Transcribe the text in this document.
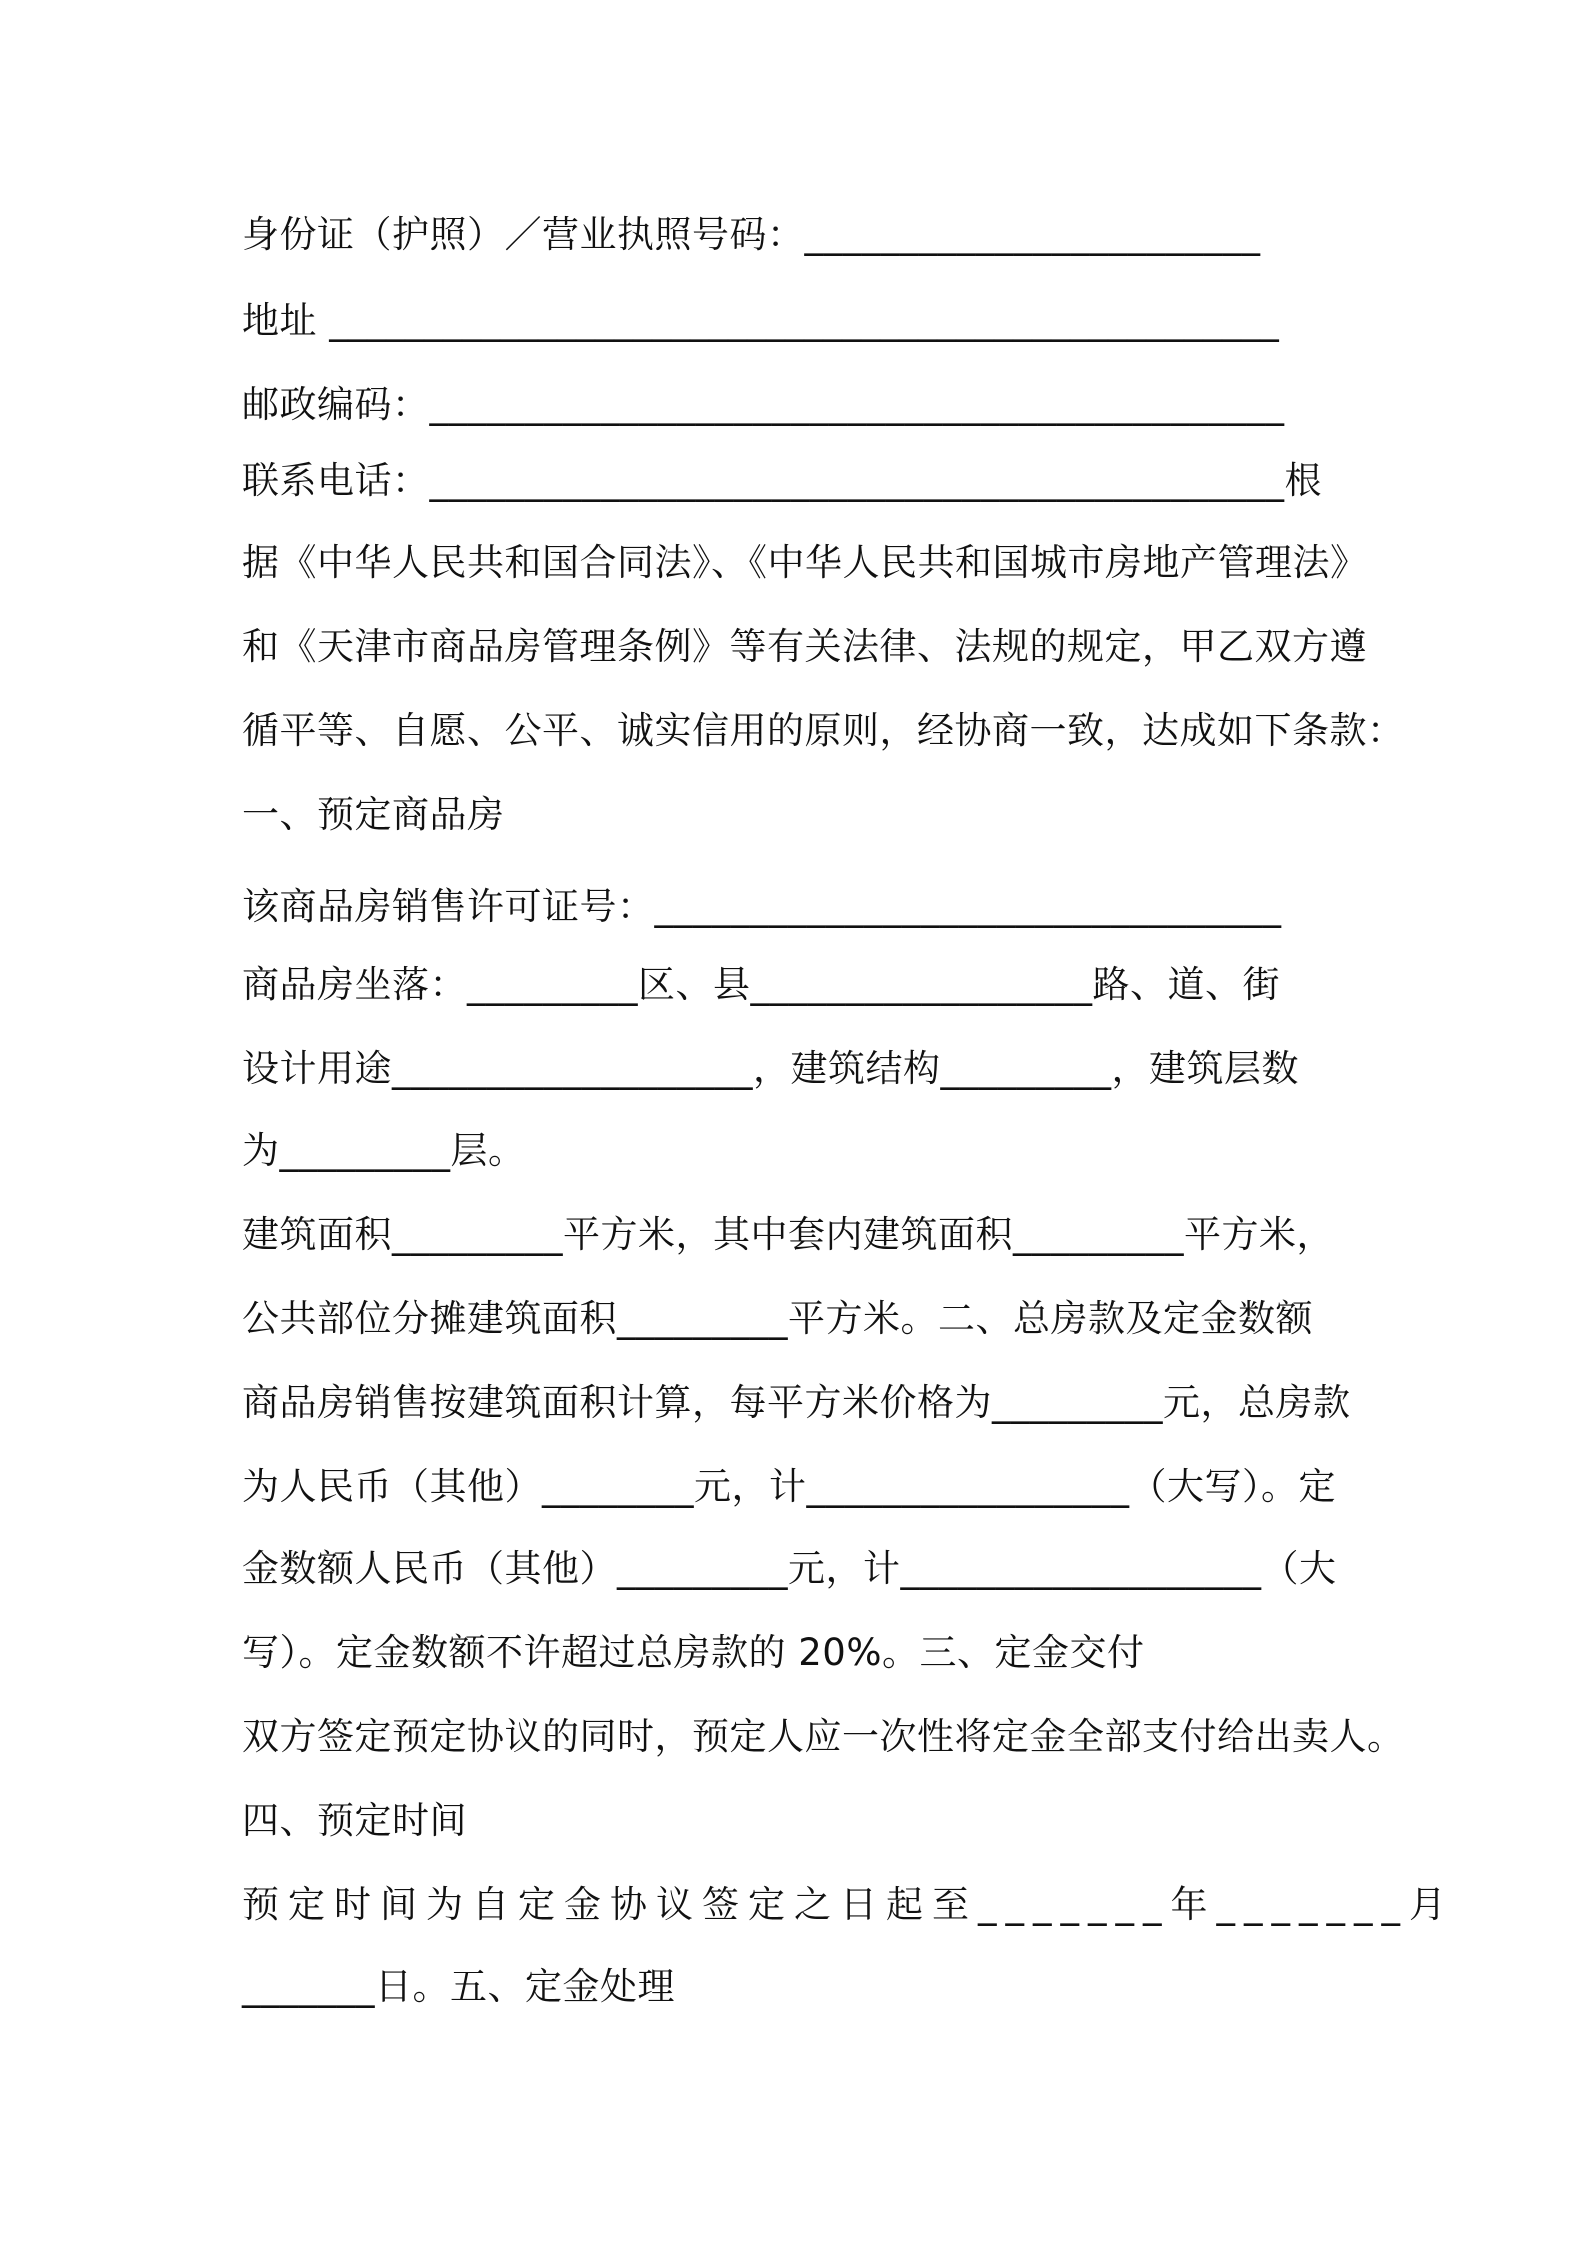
身份证（护照）／营业执照号码：________________________

地址 __________________________________________________

邮政编码：_____________________________________________

联系电话：_____________________________________________根

据《中华人民共和国合同法》、《中华人民共和国城市房地产管理法》

和《天津市商品房管理条例》等有关法律、法规的规定，甲乙双方遵

循平等、自愿、公平、诚实信用的原则，经协商一致，达成如下条款：

一、预定商品房

该商品房销售许可证号：_________________________________

商品房坐落：_________区、县__________________路、道、街

设计用途___________________，建筑结构_________，建筑层数

为_________层。

建筑面积_________平方米，其中套内建筑面积_________平方米，

公共部位分摊建筑面积_________平方米。二、总房款及定金数额

商品房销售按建筑面积计算，每平方米价格为_________元，总房款

为人民币（其他）________元，计_________________（大写）。定

金数额人民币（其他）_________元，计___________________（大

写）。定金数额不许超过总房款的 20%。三、定金交付

双方签定预定协议的同时，预定人应一次性将定金全部支付给出卖人。

四、预定时间

预定时间为自定金协议签定之日起至_______年_______月

_______日。五、定金处理
